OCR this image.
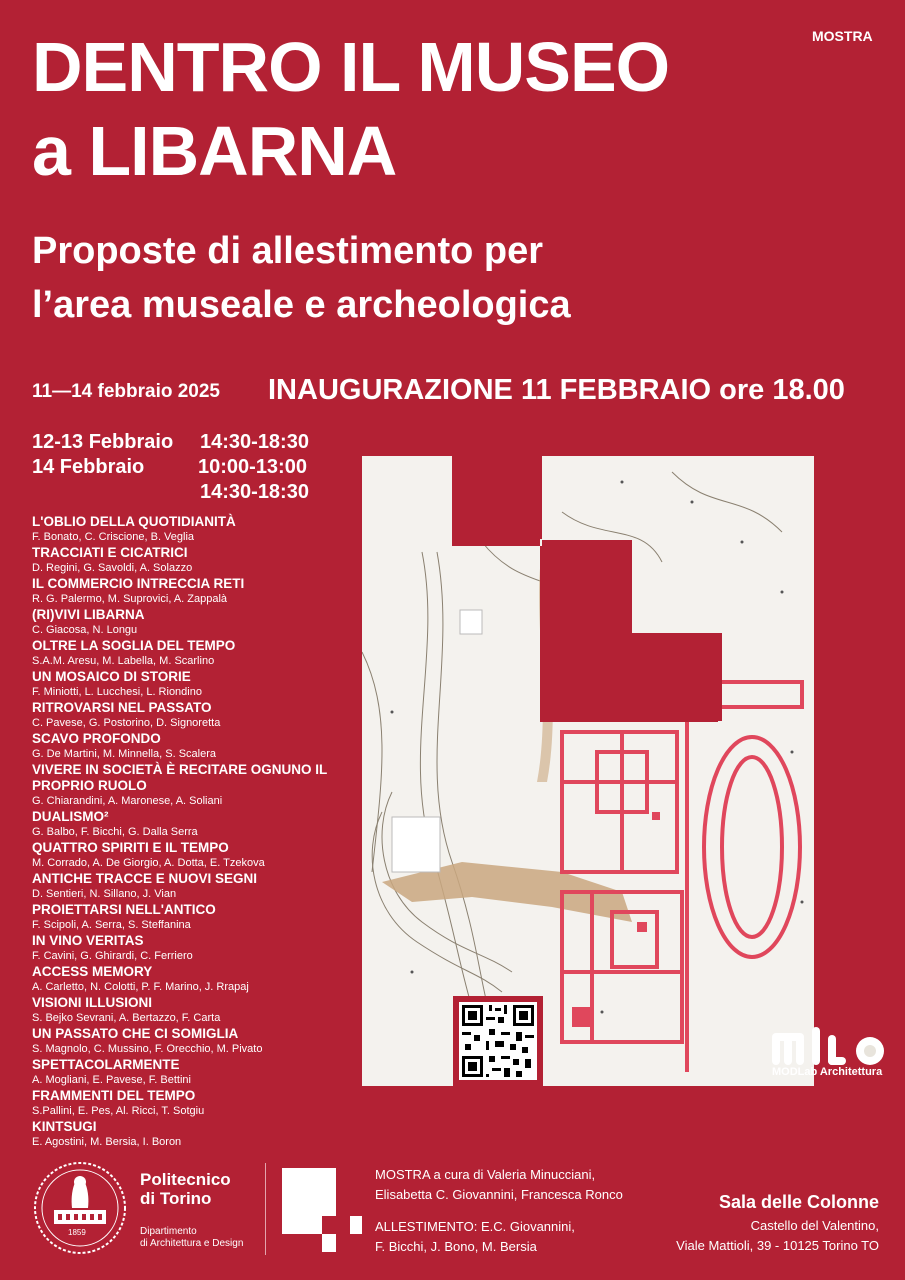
DENTRO IL MUSEO
a LIBARNA
MOSTRA
Proposte di allestimento per
l’area museale e archeologica
11—14 febbraio 2025 INAUGURAZIONE 11 FEBBRAIO ore 18.00
12-13 Febbraio 14:30-18:30
14 Febbraio	10:00-13:00
14:30-18:30
L'OBLIO DELLA QUOTIDIANITÀ
F. Bonato, C. Criscione, B. Veglia
TRACCIATI E CICATRICI
D. Regini, G. Savoldi, A. Solazzo
IL COMMERCIO INTRECCIA RETI
R. G. Palermo, M. Suprovici, A. Zappalà
(RI)VIVI LIBARNA
C. Giacosa, N. Longu
OLTRE LA SOGLIA DEL TEMPO
S.A.M. Aresu, M. Labella, M. Scarlino
UN MOSAICO DI STORIE
F. Miniotti, L. Lucchesi, L. Riondino
RITROVARSI NEL PASSATO
C. Pavese, G. Postorino, D. Signoretta
SCAVO PROFONDO
G. De Martini, M. Minnella, S. Scalera
VIVERE IN SOCIETÀ È RECITARE OGNUNO IL PROPRIO RUOLO
G. Chiarandini, A. Maronese, A. Soliani
DUALISMO²
G. Balbo, F. Bicchi, G. Dalla Serra
QUATTRO SPIRITI E IL TEMPO
M. Corrado, A. De Giorgio, A. Dotta, E. Tzekova
ANTICHE TRACCE E NUOVI SEGNI
D. Sentieri, N. Sillano, J. Vian
PROIETTARSI NELL'ANTICO
F. Scipoli, A. Serra, S. Steffanina
IN VINO VERITAS
F. Cavini, G. Ghirardi, C. Ferriero
ACCESS MEMORY
A. Carletto, N. Colotti, P. F. Marino, J. Rrapaj
VISIONI ILLUSIONI
S. Bejko Sevrani, A. Bertazzo, F. Carta
UN PASSATO CHE CI SOMIGLIA
S. Magnolo, C. Mussino, F. Orecchio, M. Pivato
SPETTACOLARMENTE
A. Mogliani, E. Pavese, F. Bettini
FRAMMENTI DEL TEMPO
S.Pallini, E. Pes, Al. Ricci, T. Sotgiu
KINTSUGI
E. Agostini, M. Bersia, I. Boron
MODLab Architettura
1859
Politecnico
di Torino
Dipartimento
di Architettura e Design
MOSTRA a cura di Valeria Minucciani,
Elisabetta C. Giovannini, Francesca Ronco
ALLESTIMENTO: E.C. Giovannini,
F. Bicchi, J. Bono, M. Bersia
Sala delle Colonne
Castello del Valentino,
Viale Mattioli, 39 - 10125 Torino TO
